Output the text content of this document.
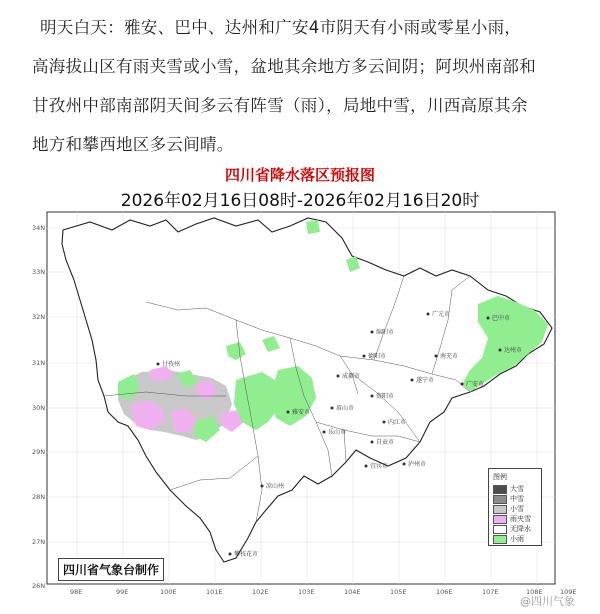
明天白天：雅安、巴中、达州和广安4市阴天有小雨或零星小雨，

高海拔山区有雨夹雪或小雪，盆地其余地方多云间阴；阿坝州南部和

甘孜州中部南部阴天间多云有阵雪（雨），局地中雪，川西高原其余

地方和攀西地区多云间晴。

四川省降水落区预报图
2026年02月16日08时-2026年02月16日20时
广元市
巴中市
达州市
绵阳市
德阳市	南充市
广安市
遂宁市
成都市
雅安市
眉山市
资阳市
内江市
乐山市
自贡市
泸州市
宜宾市
凉山州
甘孜州
攀枝花市
34N
33N
32N
31N
30N
29N
28N
27N
26N
98E	99E	100E	101E	102E	103E	104E	105E	106E	107E	108E	109E
图例
大雪
中雪
小雪
雨夹雪
无降水
小雨
四川省气象台制作
@四川气象
